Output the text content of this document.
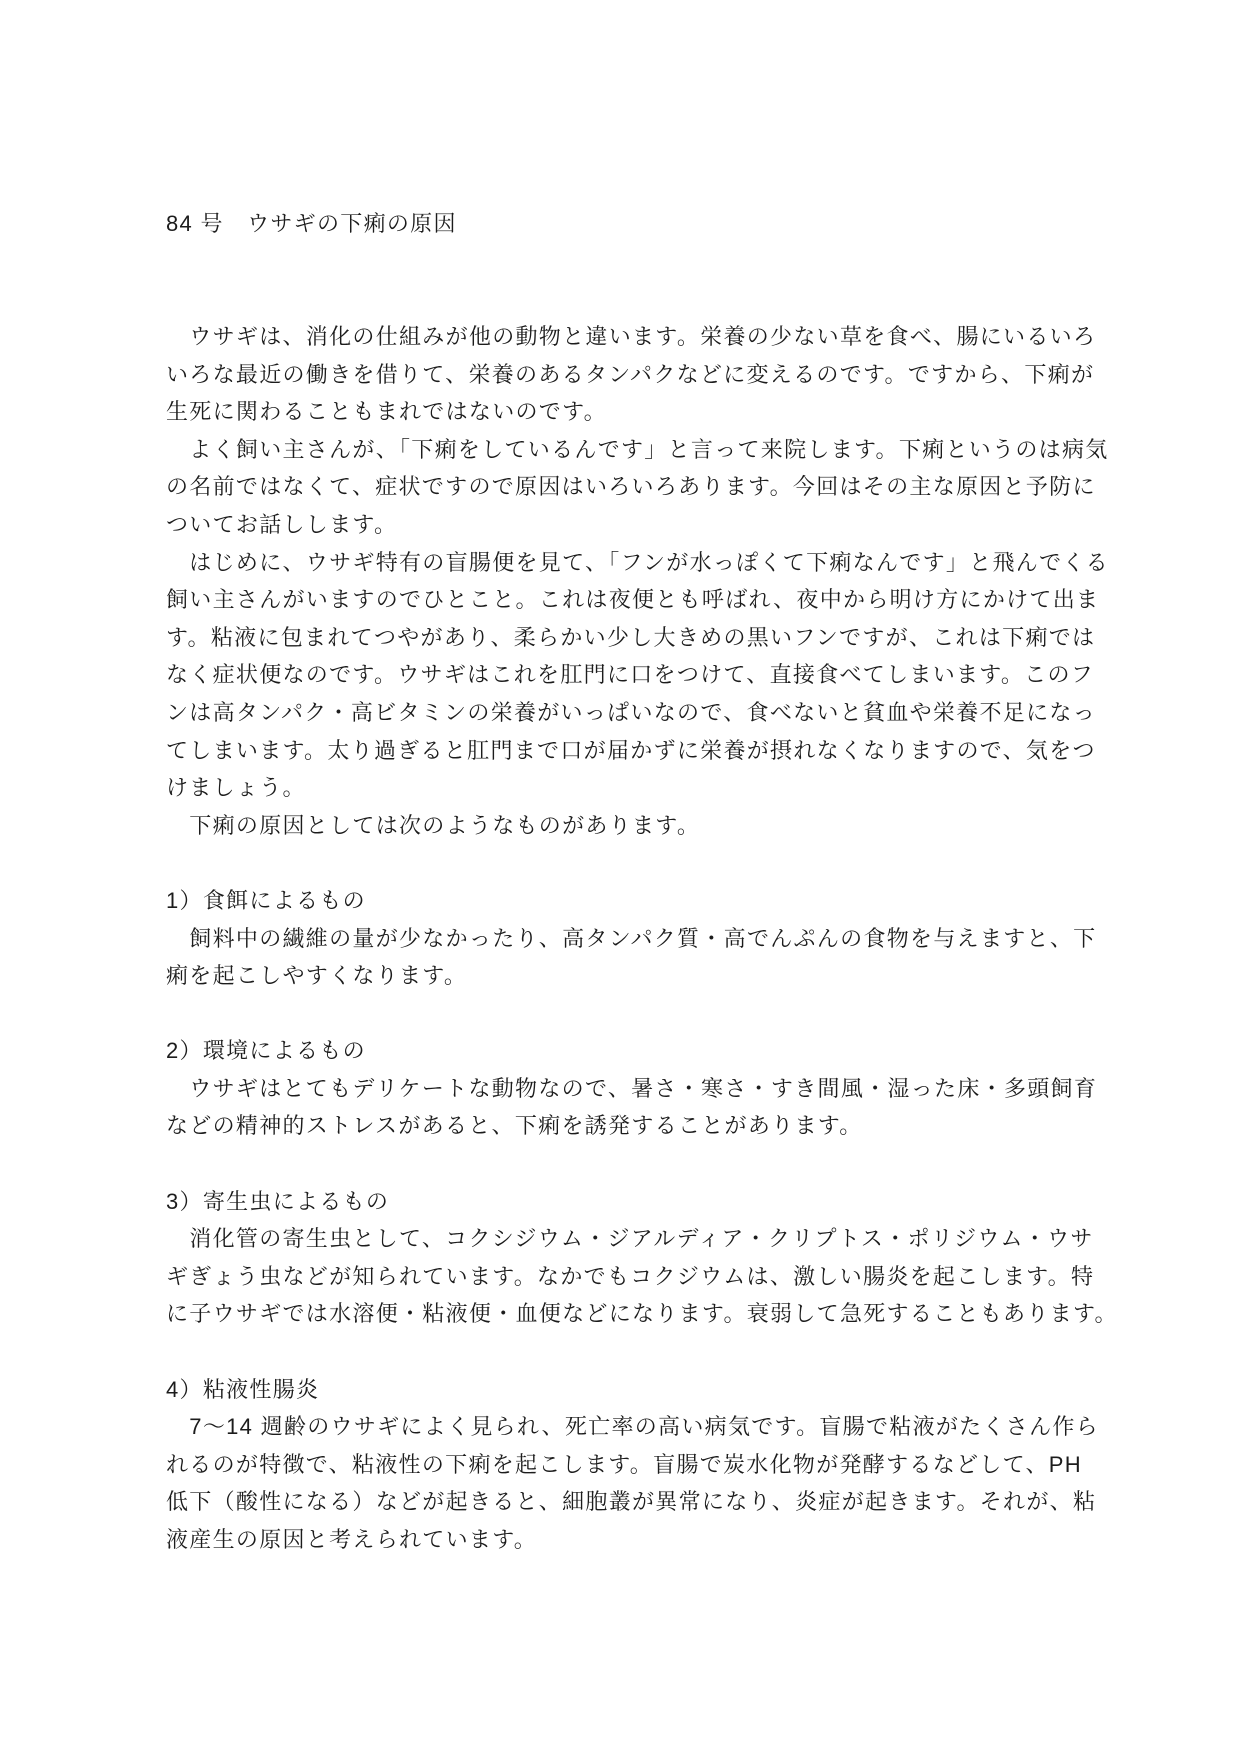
84 号　ウサギの下痢の原因
　ウサギは、消化の仕組みが他の動物と違います。栄養の少ない草を食べ、腸にいるいろ
いろな最近の働きを借りて、栄養のあるタンパクなどに変えるのです。ですから、下痢が
生死に関わることもまれではないのです。
　よく飼い主さんが、「下痢をしているんです」と言って来院します。下痢というのは病気
の名前ではなくて、症状ですので原因はいろいろあります。今回はその主な原因と予防に
ついてお話しします。
　はじめに、ウサギ特有の盲腸便を見て、「フンが水っぽくて下痢なんです」と飛んでくる
飼い主さんがいますのでひとこと。これは夜便とも呼ばれ、夜中から明け方にかけて出ま
す。粘液に包まれてつやがあり、柔らかい少し大きめの黒いフンですが、これは下痢では
なく症状便なのです。ウサギはこれを肛門に口をつけて、直接食べてしまいます。このフ
ンは高タンパク・高ビタミンの栄養がいっぱいなので、食べないと貧血や栄養不足になっ
てしまいます。太り過ぎると肛門まで口が届かずに栄養が摂れなくなりますので、気をつ
けましょう。
　下痢の原因としては次のようなものがあります。
1）食餌によるもの
　飼料中の繊維の量が少なかったり、高タンパク質・高でんぷんの食物を与えますと、下
痢を起こしやすくなります。
2）環境によるもの
　ウサギはとてもデリケートな動物なので、暑さ・寒さ・すき間風・湿った床・多頭飼育
などの精神的ストレスがあると、下痢を誘発することがあります。
3）寄生虫によるもの
　消化管の寄生虫として、コクシジウム・ジアルディア・クリプトス・ポリジウム・ウサ
ギぎょう虫などが知られています。なかでもコクジウムは、激しい腸炎を起こします。特
に子ウサギでは水溶便・粘液便・血便などになります。衰弱して急死することもあります。
4）粘液性腸炎
　7～14 週齢のウサギによく見られ、死亡率の高い病気です。盲腸で粘液がたくさん作ら
れるのが特徴で、粘液性の下痢を起こします。盲腸で炭水化物が発酵するなどして、PH
低下（酸性になる）などが起きると、細胞叢が異常になり、炎症が起きます。それが、粘
液産生の原因と考えられています。
